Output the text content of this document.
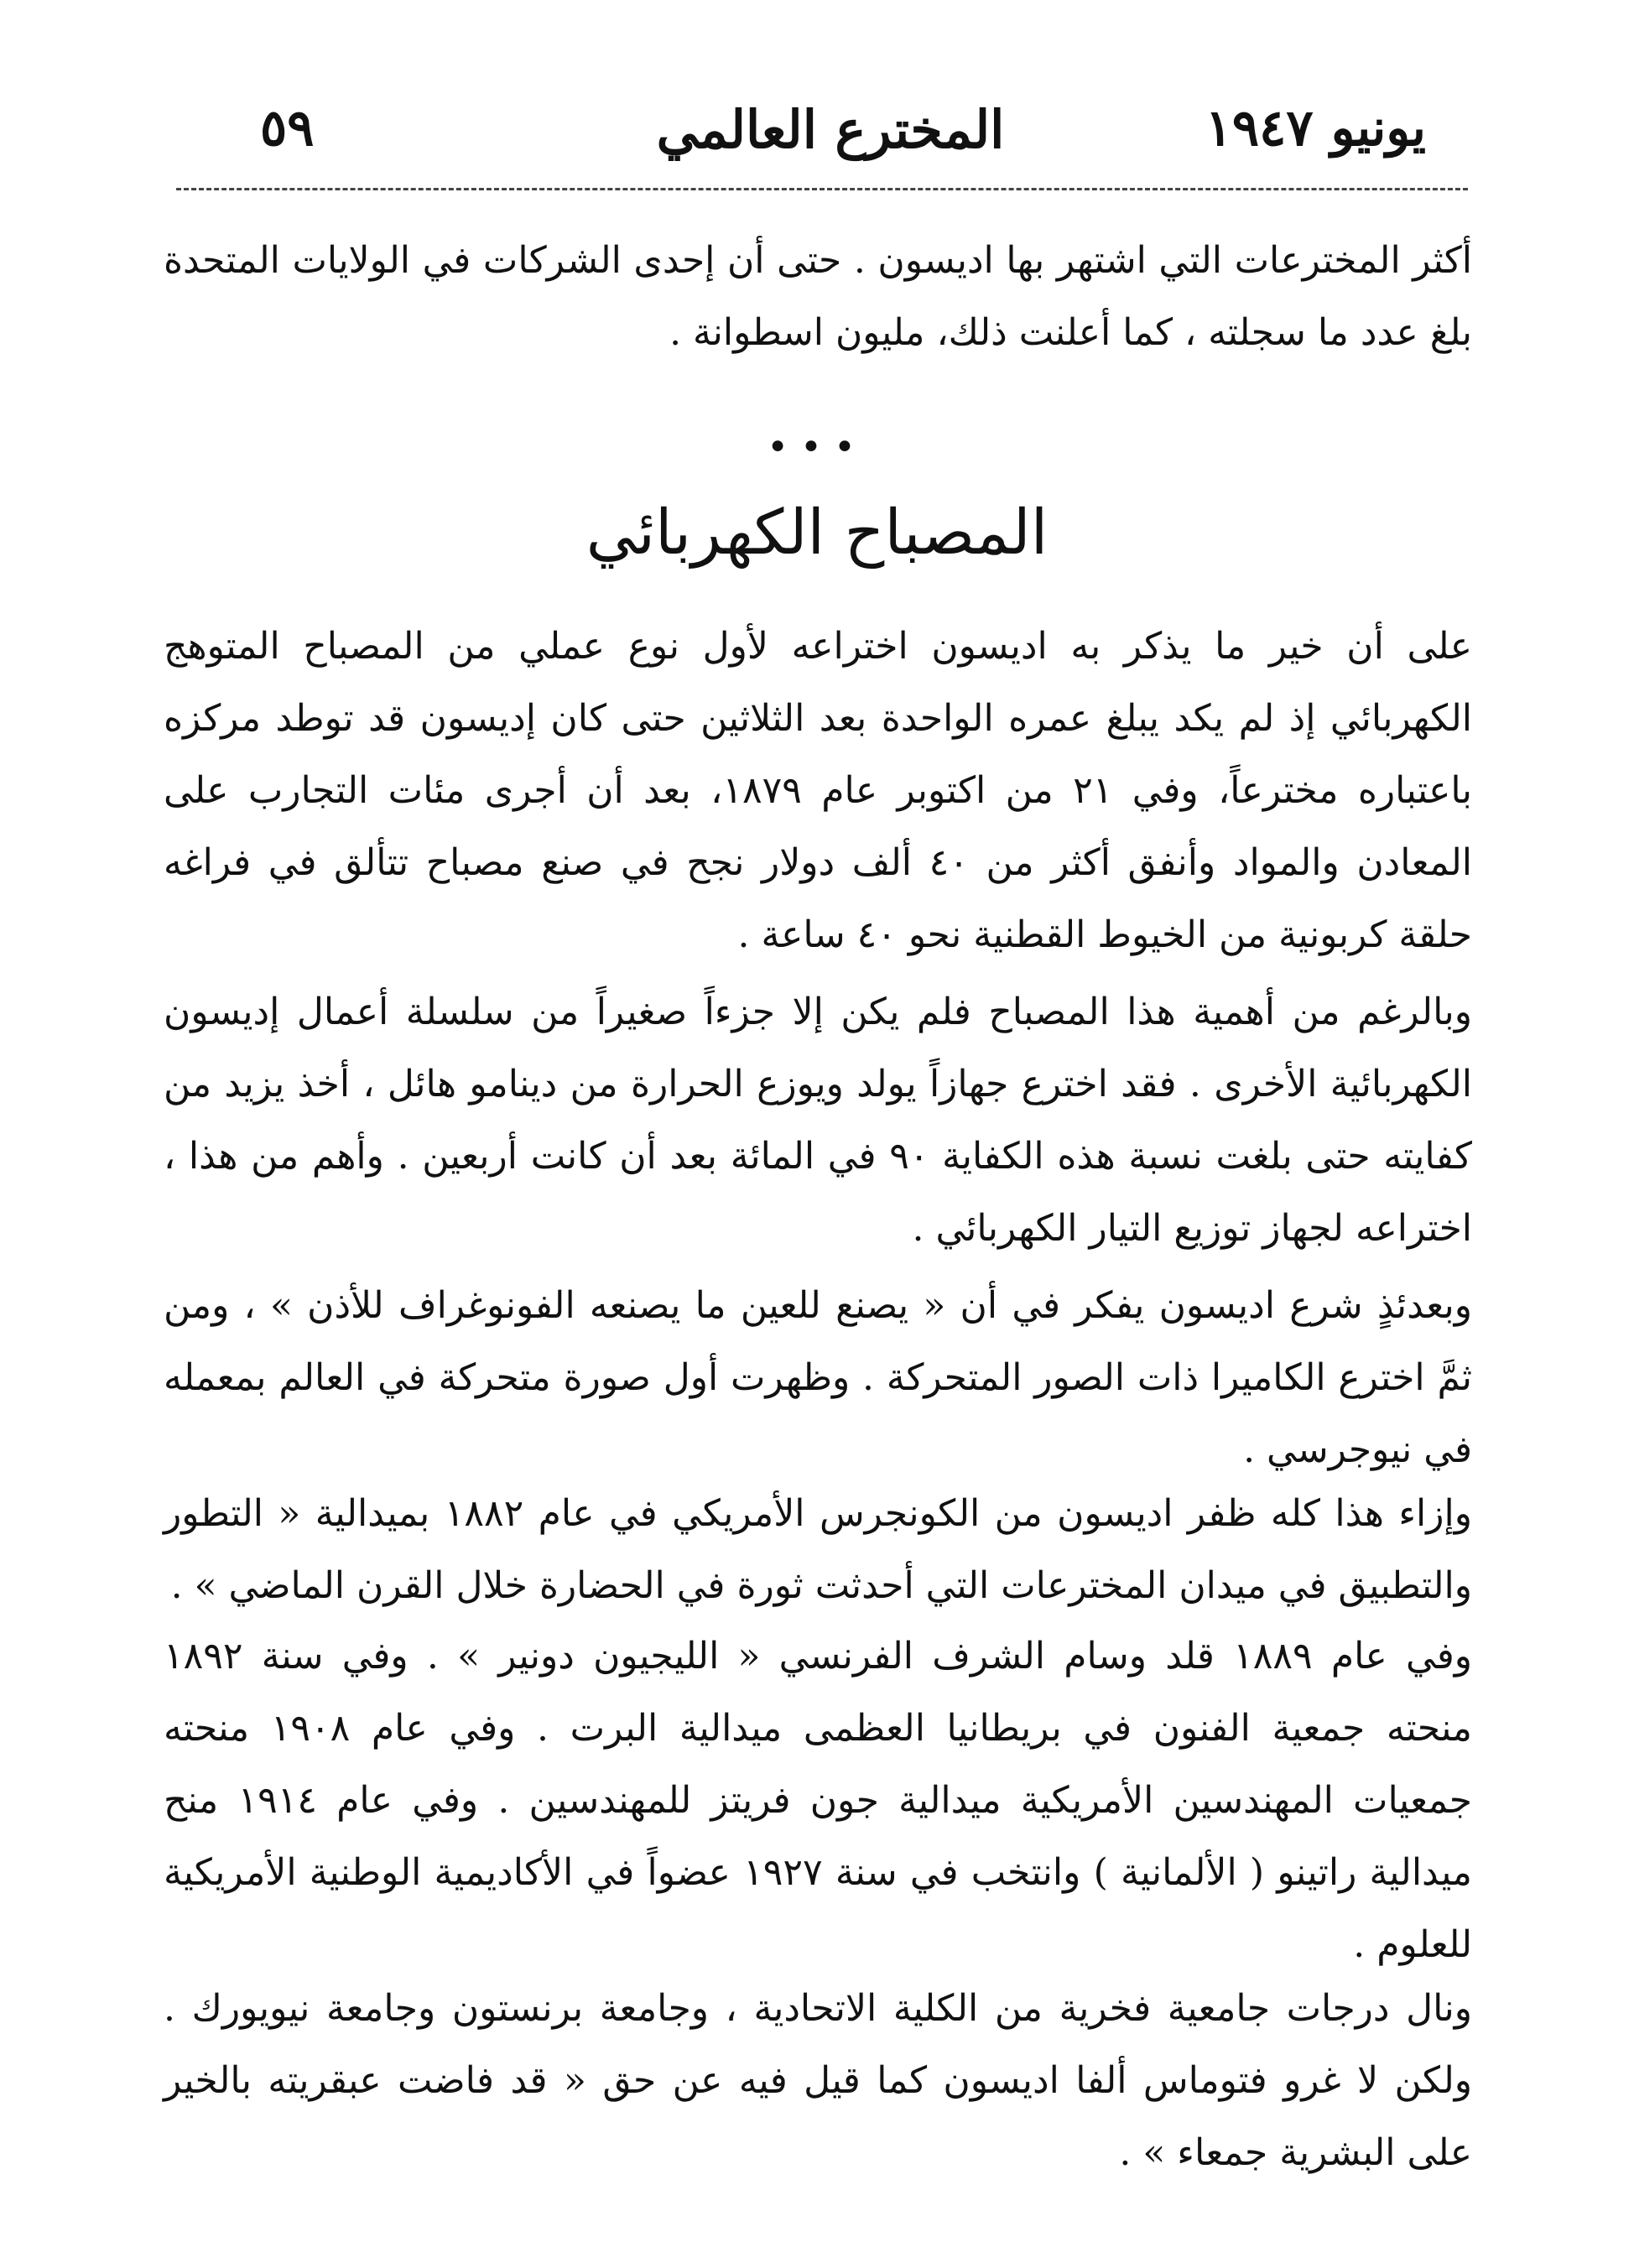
يونيو ١٩٤٧
المخترع العالمي
٥٩

أكثر المخترعات التي اشتهر بها اديسون . حتى أن إحدى الشركات في الولايات المتحدة بلغ عدد ما سجلته ، كما أعلنت ذلك، مليون اسطوانة .

•••
المصباح الكهربائي

على أن خير ما يذكر به اديسون اختراعه لأول نوع عملي من المصباح المتوهج الكهربائي إذ لم يكد يبلغ عمره الواحدة بعد الثلاثين حتى كان إديسون قد توطد مركزه باعتباره مخترعاً، وفي ٢١ من اكتوبر عام ١٨٧٩، بعد أن أجرى مئات التجارب على المعادن والمواد وأنفق أكثر من ٤٠ ألف دولار نجح في صنع مصباح تتألق في فراغه حلقة كربونية من الخيوط القطنية نحو ٤٠ ساعة .

وبالرغم من أهمية هذا المصباح فلم يكن إلا جزءاً صغيراً من سلسلة أعمال إديسون الكهربائية الأخرى . فقد اخترع جهازاً يولد ويوزع الحرارة من دينامو هائل ، أخذ يزيد من كفايته حتى بلغت نسبة هذه الكفاية ٩٠ في المائة بعد أن كانت أربعين . وأهم من هذا ، اختراعه لجهاز توزيع التيار الكهربائي .

وبعدئذٍ شرع اديسون يفكر في أن « يصنع للعين ما يصنعه الفونوغراف للأذن » ، ومن ثمَّ اخترع الكاميرا ذات الصور المتحركة . وظهرت أول صورة متحركة في العالم بمعمله في نيوجرسي .

وإزاء هذا كله ظفر اديسون من الكونجرس الأمريكي في عام ١٨٨٢ بميدالية « التطور والتطبيق في ميدان المخترعات التي أحدثت ثورة في الحضارة خلال القرن الماضي » .

وفي عام ١٨٨٩ قلد وسام الشرف الفرنسي « الليجيون دونير » . وفي سنة ١٨٩٢ منحته جمعية الفنون في بريطانيا العظمى ميدالية البرت . وفي عام ١٩٠٨ منحته جمعيات المهندسين الأمريكية ميدالية جون فريتز للمهندسين . وفي عام ١٩١٤ منح ميدالية راتينو ( الألمانية ) وانتخب في سنة ١٩٢٧ عضواً في الأكاديمية الوطنية الأمريكية للعلوم .

ونال درجات جامعية فخرية من الكلية الاتحادية ، وجامعة برنستون وجامعة نيويورك . ولكن لا غرو فتوماس ألفا اديسون كما قيل فيه عن حق « قد فاضت عبقريته بالخير على البشرية جمعاء » .
